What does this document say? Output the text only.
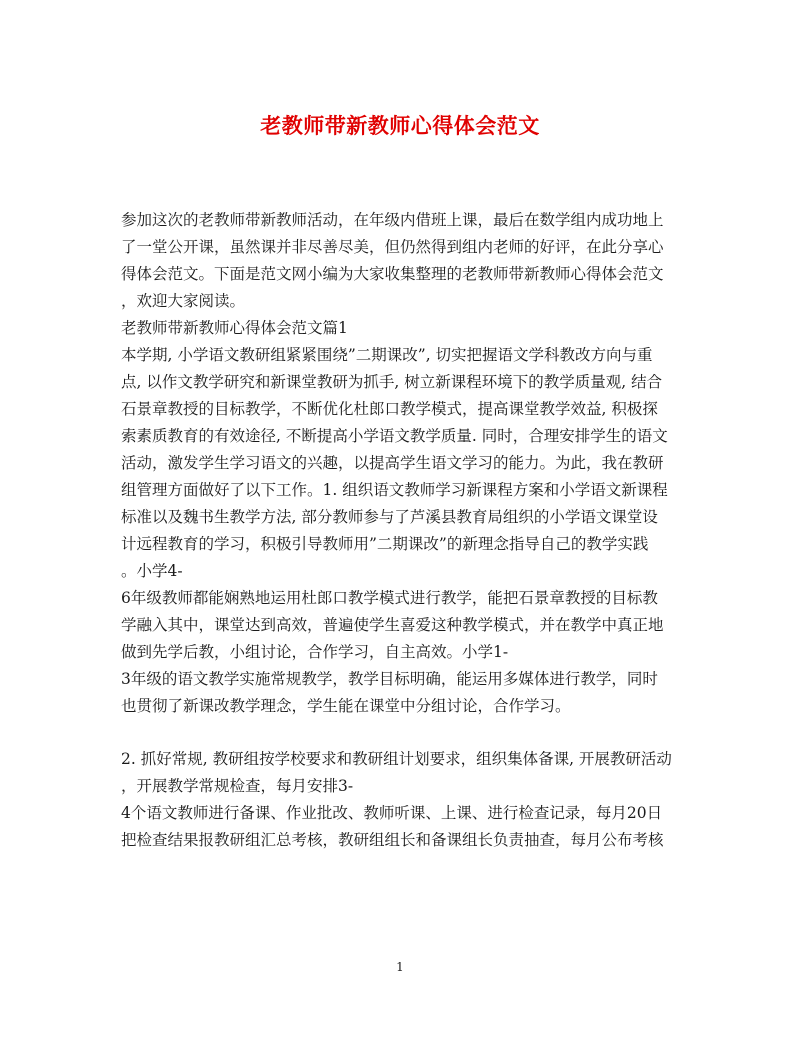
老教师带新教师心得体会范文
参加这次的老教师带新教师活动，在年级内借班上课，最后在数学组内成功地上
了一堂公开课，虽然课并非尽善尽美，但仍然得到组内老师的好评，在此分享心
得体会范文。下面是范文网小编为大家收集整理的老教师带新教师心得体会范文
，欢迎大家阅读。
老教师带新教师心得体会范文篇1
本学期, 小学语文教研组紧紧围绕”二期课改”, 切实把握语文学科教改方向与重
点, 以作文教学研究和新课堂教研为抓手, 树立新课程环境下的教学质量观, 结合
石景章教授的目标教学，不断优化杜郎口教学模式，提高课堂教学效益, 积极探
索素质教育的有效途径, 不断提高小学语文教学质量. 同时，合理安排学生的语文
活动，激发学生学习语文的兴趣，以提高学生语文学习的能力。为此，我在教研
组管理方面做好了以下工作。1. 组织语文教师学习新课程方案和小学语文新课程
标准以及魏书生教学方法, 部分教师参与了芦溪县教育局组织的小学语文课堂设
计远程教育的学习，积极引导教师用”二期课改”的新理念指导自己的教学实践
。小学4-
6年级教师都能娴熟地运用杜郎口教学模式进行教学，能把石景章教授的目标教
学融入其中，课堂达到高效，普遍使学生喜爱这种教学模式，并在教学中真正地
做到先学后教，小组讨论，合作学习，自主高效。小学1-
3年级的语文教学实施常规教学，教学目标明确，能运用多媒体进行教学，同时
也贯彻了新课改教学理念，学生能在课堂中分组讨论，合作学习。
2. 抓好常规, 教研组按学校要求和教研组计划要求，组织集体备课, 开展教研活动
，开展教学常规检查，每月安排3-
4个语文教师进行备课、作业批改、教师听课、上课、进行检查记录，每月20日
把检查结果报教研组汇总考核，教研组组长和备课组长负责抽查，每月公布考核
1
